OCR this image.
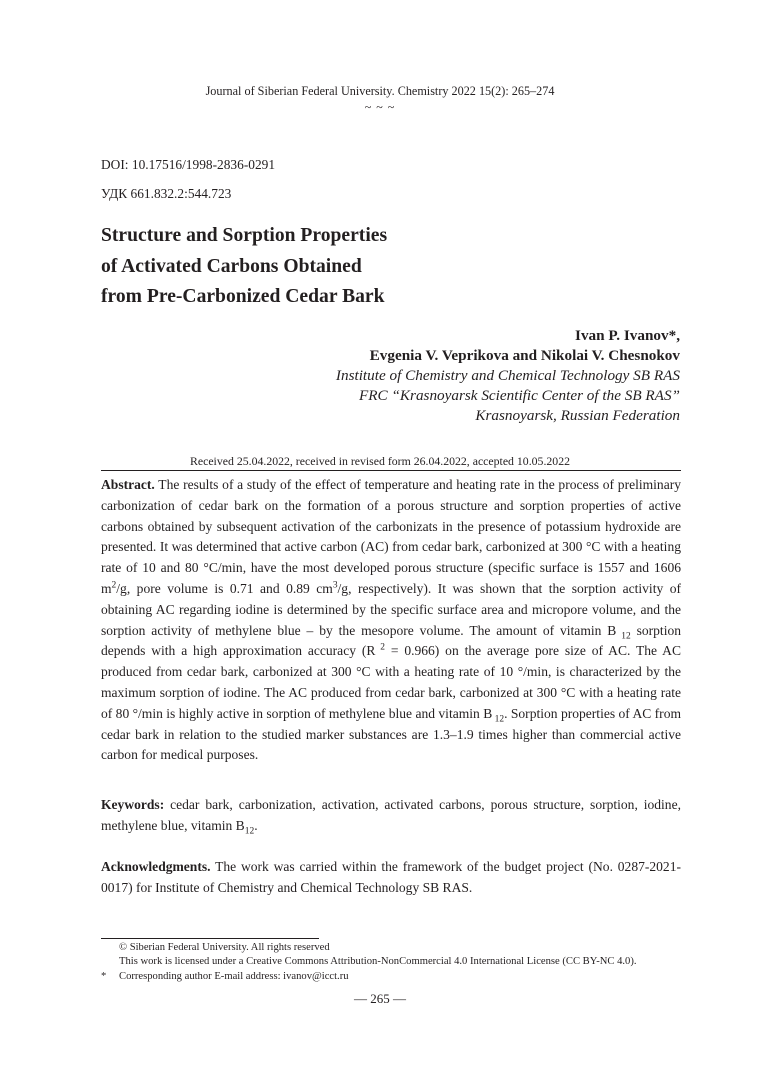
Journal of Siberian Federal University. Chemistry 2022 15(2): 265–274
~ ~ ~
DOI: 10.17516/1998-2836-0291
УДК 661.832.2:544.723
Structure and Sorption Properties
of Activated Carbons Obtained
from Pre-Carbonized Cedar Bark
Ivan P. Ivanov*,
Evgenia V. Veprikova and Nikolai V. Chesnokov
Institute of Chemistry and Chemical Technology SB RAS
FRC “Krasnoyarsk Scientific Center of the SB RAS”
Krasnoyarsk, Russian Federation
Received 25.04.2022, received in revised form 26.04.2022, accepted 10.05.2022
Abstract. The results of a study of the effect of temperature and heating rate in the process of preliminary carbonization of cedar bark on the formation of a porous structure and sorption properties of active carbons obtained by subsequent activation of the carbonizats in the presence of potassium hydroxide are presented. It was determined that active carbon (AC) from cedar bark, carbonized at 300 °C with a heating rate of 10 and 80 °C/min, have the most developed porous structure (specific surface is 1557 and 1606 $m^2/g$, pore volume is 0.71 and 0.89 $cm^3/g$, respectively). It was shown that the sorption activity of obtaining AC regarding iodine is determined by the specific surface area and micropore volume, and the sorption activity of methylene blue – by the mesopore volume. The amount of vitamin B $_{12}$ sorption depends with a high approximation accuracy (R $^2$ = 0.966) on the average pore size of AC. The AC produced from cedar bark, carbonized at 300 °C with a heating rate of 10 °/min, is characterized by the maximum sorption of iodine. The AC produced from cedar bark, carbonized at 300 °C with a heating rate of 80 °/min is highly active in sorption of methylene blue and vitamin B $_{12}$. Sorption properties of AC from cedar bark in relation to the studied marker substances are 1.3–1.9 times higher than commercial active carbon for medical purposes.
Keywords: cedar bark, carbonization, activation, activated carbons, porous structure, sorption, iodine, methylene blue, vitamin $B_{12}$.
Acknowledgments. The work was carried within the framework of the budget project (No. 0287-2021-0017) for Institute of Chemistry and Chemical Technology SB RAS.
© Siberian Federal University. All rights reserved
This work is licensed under a Creative Commons Attribution-NonCommercial 4.0 International License (CC BY-NC 4.0).
*	Corresponding author E-mail address: ivanov@icct.ru
— 265 —
